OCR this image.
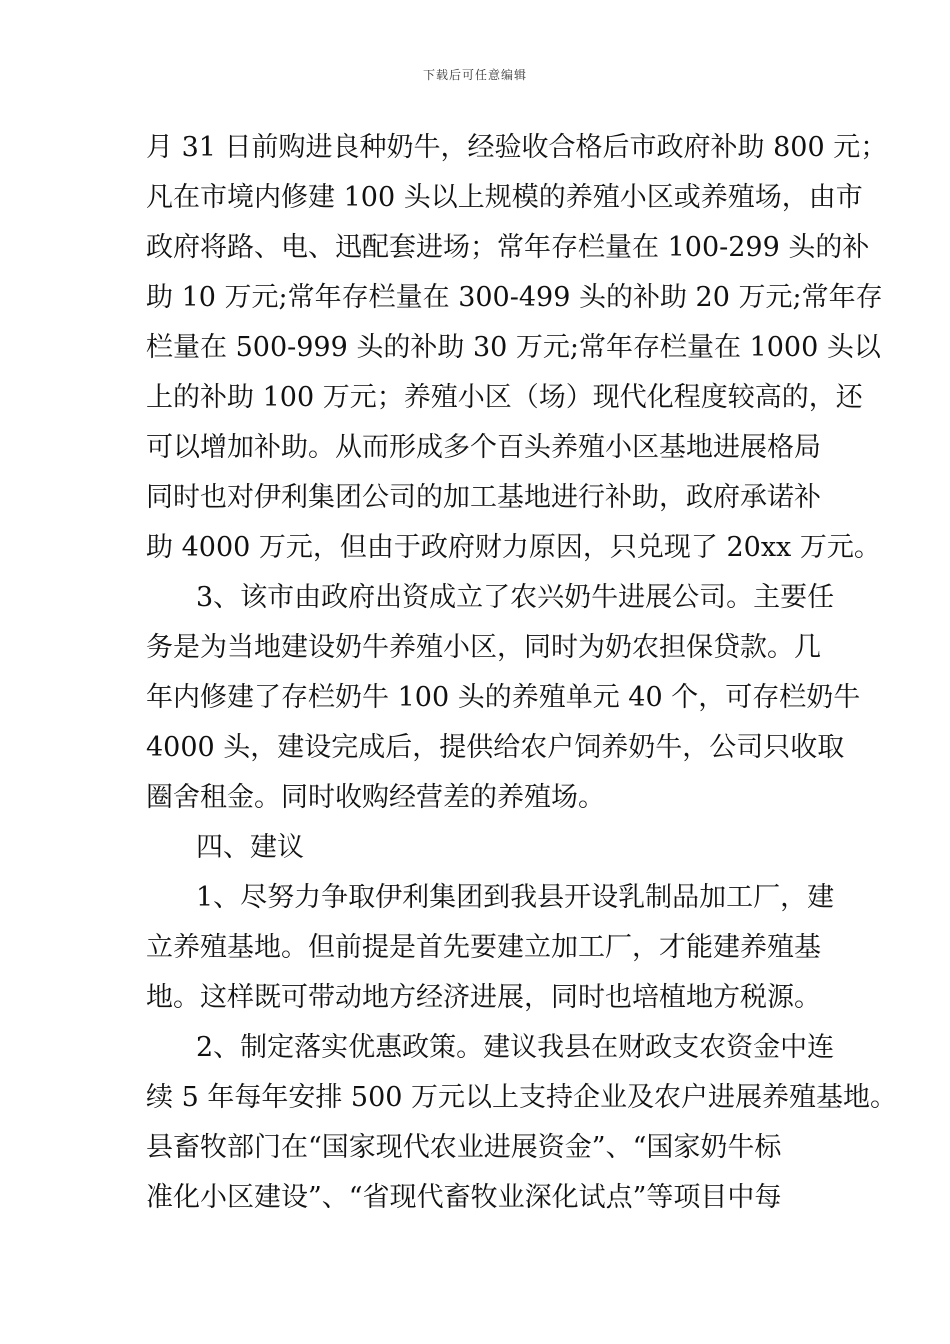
下载后可任意编辑
月 31 日前购进良种奶牛，经验收合格后市政府补助 800 元；
凡在市境内修建 100 头以上规模的养殖小区或养殖场，由市
政府将路、电、迅配套进场；常年存栏量在 100-299 头的补
助 10 万元;常年存栏量在 300-499 头的补助 20 万元;常年存
栏量在 500-999 头的补助 30 万元;常年存栏量在 1000 头以
上的补助 100 万元；养殖小区（场）现代化程度较高的，还
可以增加补助。从而形成多个百头养殖小区基地进展格局
同时也对伊利集团公司的加工基地进行补助，政府承诺补
助 4000 万元，但由于政府财力原因，只兑现了 20xx 万元。
3、该市由政府出资成立了农兴奶牛进展公司。主要任
务是为当地建设奶牛养殖小区，同时为奶农担保贷款。几
年内修建了存栏奶牛 100 头的养殖单元 40 个，可存栏奶牛
4000 头，建设完成后，提供给农户饲养奶牛，公司只收取
圈舍租金。同时收购经营差的养殖场。
四、建议
1、尽努力争取伊利集团到我县开设乳制品加工厂，建
立养殖基地。但前提是首先要建立加工厂，才能建养殖基
地。这样既可带动地方经济进展，同时也培植地方税源。
2、制定落实优惠政策。建议我县在财政支农资金中连
续 5 年每年安排 500 万元以上支持企业及农户进展养殖基地。
县畜牧部门在“国家现代农业进展资金”、“国家奶牛标
准化小区建设”、“省现代畜牧业深化试点”等项目中每
